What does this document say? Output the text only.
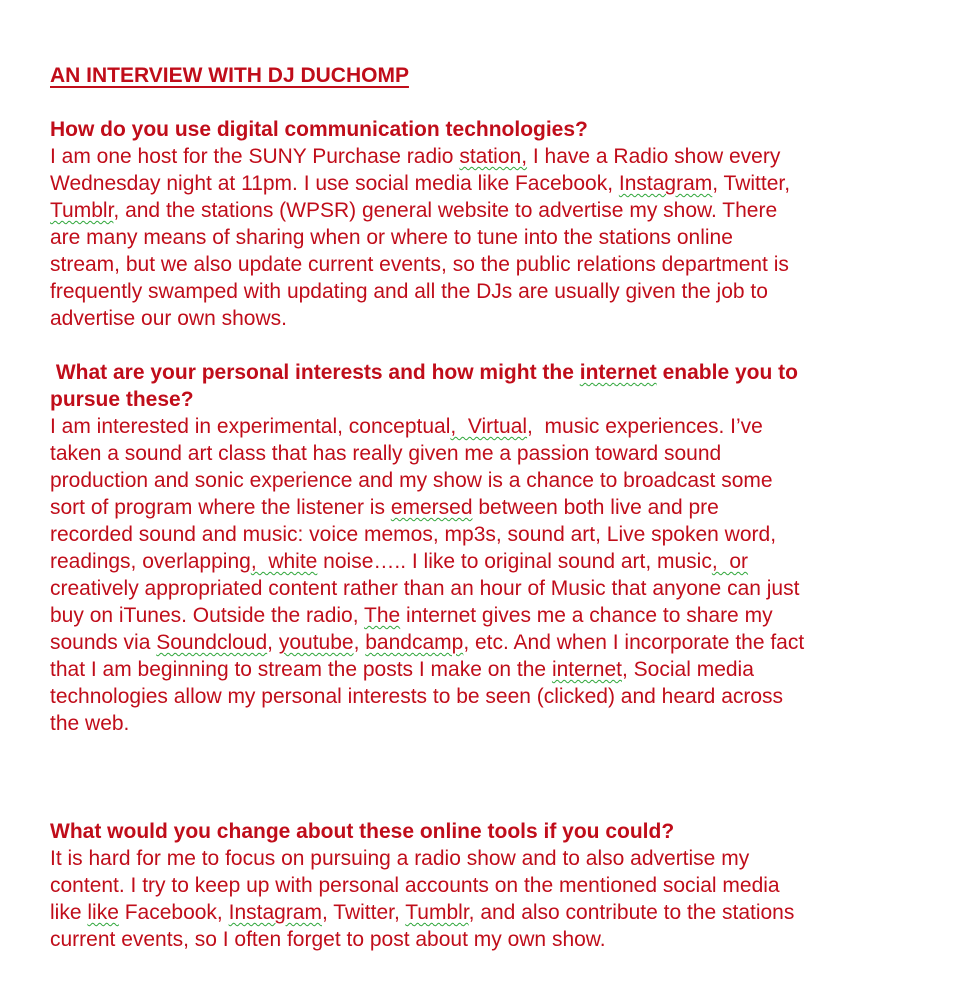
AN INTERVIEW WITH DJ DUCHOMP
How do you use digital communication technologies?
I am one host for the SUNY Purchase radio station, I have a Radio show every
Wednesday night at 11pm. I use social media like Facebook, Instagram, Twitter,
Tumblr, and the stations (WPSR) general website to advertise my show. There
are many means of sharing when or where to tune into the stations online
stream, but we also update current events, so the public relations department is
frequently swamped with updating and all the DJs are usually given the job to
advertise our own shows.
What are your personal interests and how might the internet enable you to
pursue these?
I am interested in experimental, conceptual,  Virtual,  music experiences. I’ve
taken a sound art class that has really given me a passion toward sound
production and sonic experience and my show is a chance to broadcast some
sort of program where the listener is emersed between both live and pre
recorded sound and music: voice memos, mp3s, sound art, Live spoken word,
readings, overlapping,  white noise….. I like to original sound art, music,  or
creatively appropriated content rather than an hour of Music that anyone can just
buy on iTunes. Outside the radio, The internet gives me a chance to share my
sounds via Soundcloud, youtube, bandcamp, etc. And when I incorporate the fact
that I am beginning to stream the posts I make on the internet, Social media
technologies allow my personal interests to be seen (clicked) and heard across
the web.
What would you change about these online tools if you could?
It is hard for me to focus on pursuing a radio show and to also advertise my
content. I try to keep up with personal accounts on the mentioned social media
like like Facebook, Instagram, Twitter, Tumblr, and also contribute to the stations
current events, so I often forget to post about my own show.
